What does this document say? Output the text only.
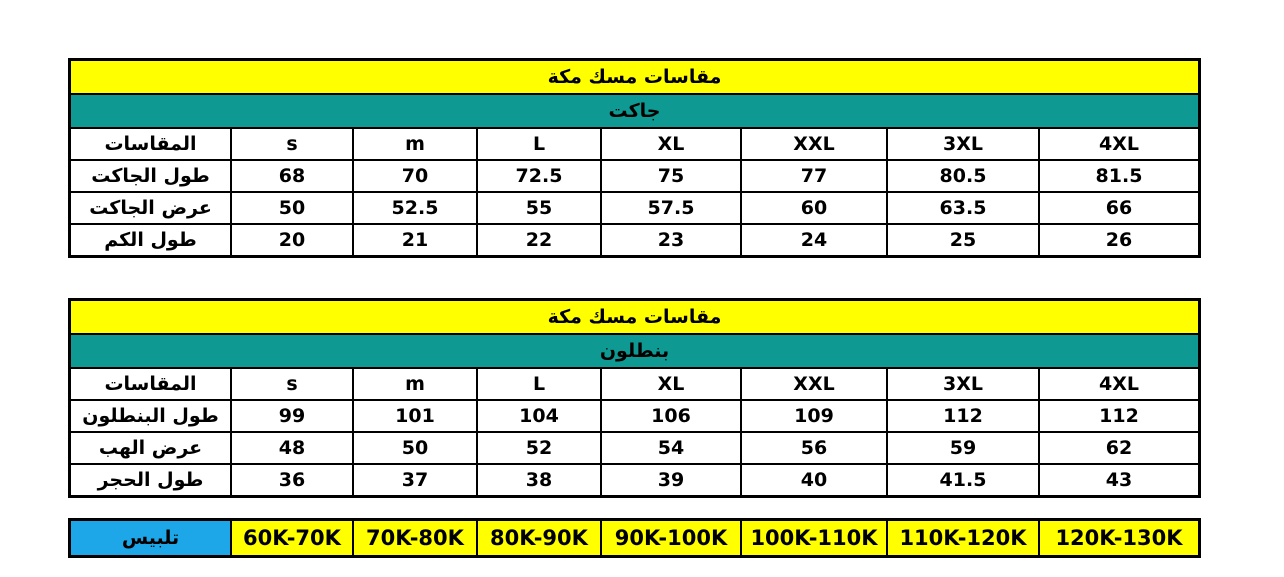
مقاسات مسك مكة
جاكت
المقاسات	s	m	L	XL	XXL	3XL	4XL
طول الجاكت	68	70	72.5	75	77	80.5	81.5
عرض الجاكت	50	52.5	55	57.5	60	63.5	66
طول الكم	20	21	22	23	24	25	26
مقاسات مسك مكة
بنطلون
المقاسات	s	m	L	XL	XXL	3XL	4XL
طول البنطلون	99	101	104	106	109	112	112
عرض الهب	48	50	52	54	56	59	62
طول الحجر	36	37	38	39	40	41.5	43
تلبيس	60K-70K	70K-80K	80K-90K	90K-100K	100K-110K	110K-120K	120K-130K
